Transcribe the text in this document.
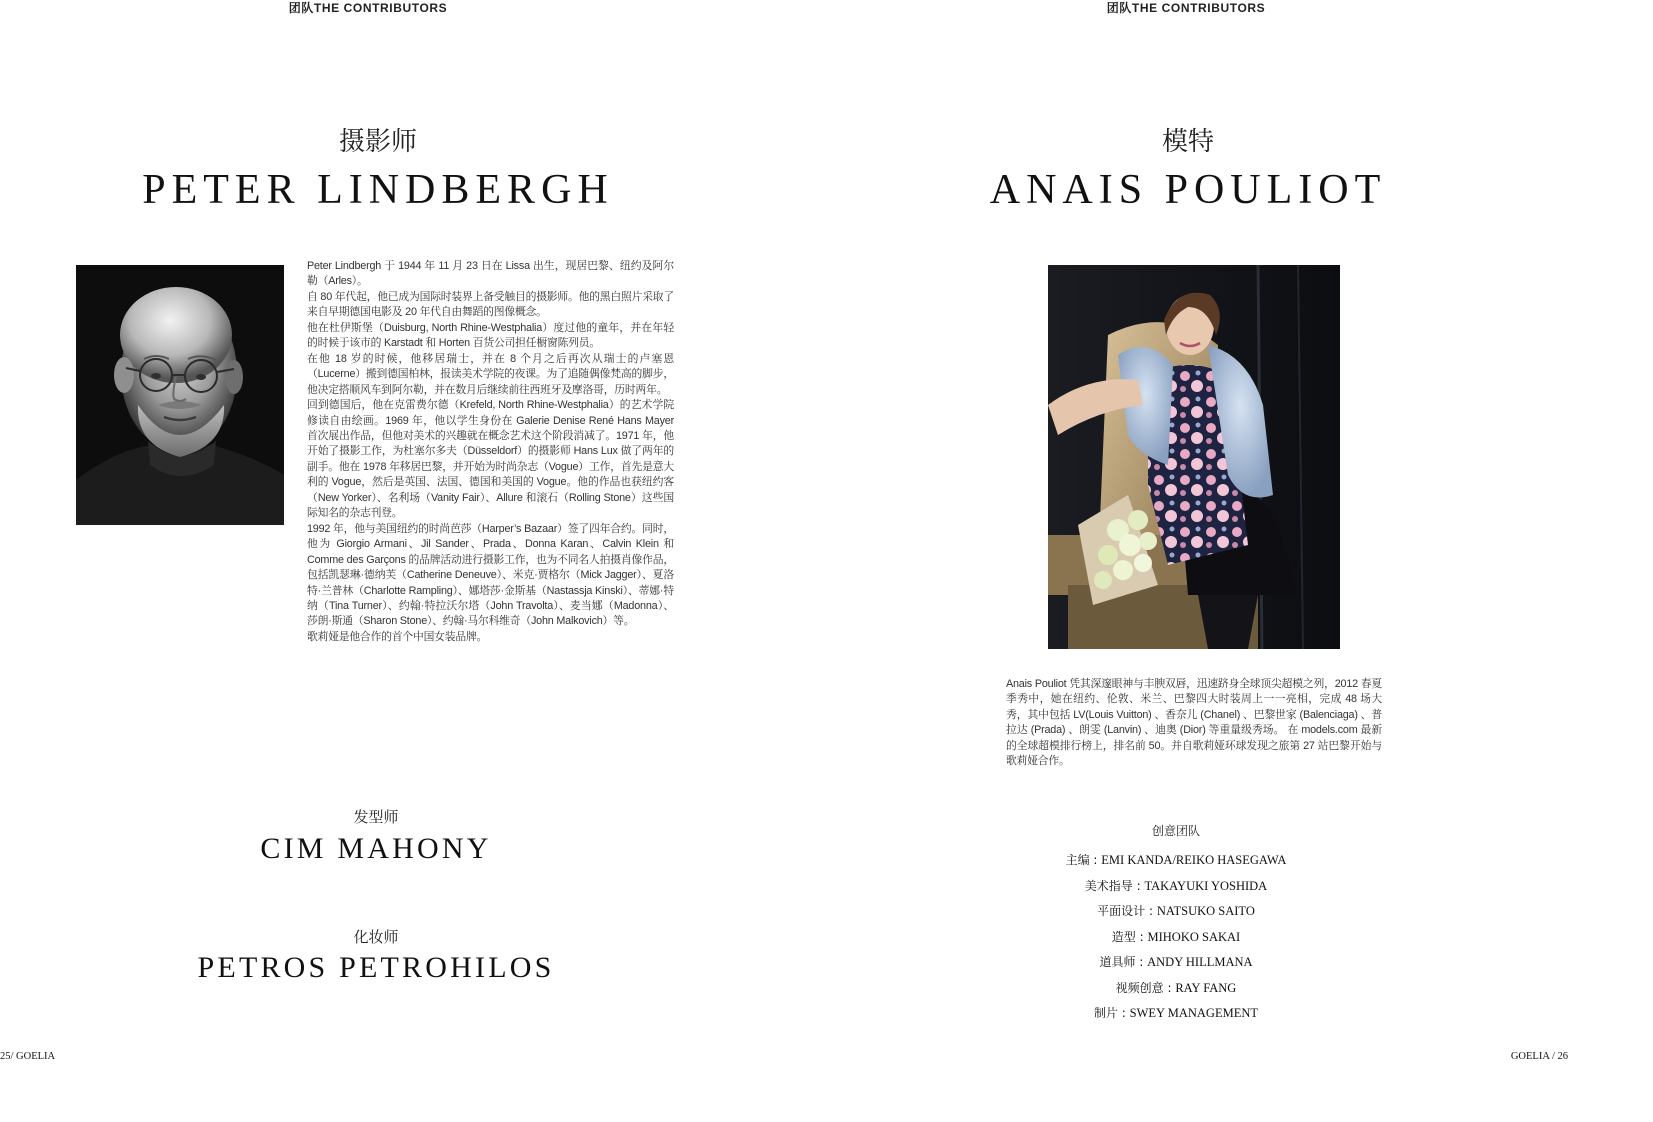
团队THE CONTRIBUTORS
摄影师
PETER LINDBERGH

Peter Lindbergh 于 1944 年 11 月 23 日在 Lissa 出生，现居巴黎、纽约及阿尔勒（Arles）。

自 80 年代起，他已成为国际时装界上备受触目的摄影师。他的黑白照片采取了来自早期德国电影及 20 年代自由舞蹈的图像概念。

他在杜伊斯堡（Duisburg, North Rhine-Westphalia）度过他的童年，并在年轻的时候于该市的 Karstadt 和 Horten 百货公司担任橱窗陈列员。

在他 18 岁的时候，他移居瑞士，并在 8 个月之后再次从瑞士的卢塞恩（Lucerne）搬到德国柏林，报读美术学院的夜课。为了追随偶像梵高的脚步，他决定搭顺风车到阿尔勒，并在数月后继续前往西班牙及摩洛哥，历时两年。

回到德国后，他在克雷费尔德（Krefeld, North Rhine-Westphalia）的艺术学院修读自由绘画。1969 年，他以学生身份在 Galerie Denise René Hans Mayer 首次展出作品，但他对美术的兴趣就在概念艺术这个阶段消减了。1971 年，他开始了摄影工作，为杜塞尔多夫（Düsseldorf）的摄影师 Hans Lux 做了两年的副手。他在 1978 年移居巴黎，并开始为时尚杂志（Vogue）工作，首先是意大利的 Vogue，然后是英国、法国、德国和美国的 Vogue。他的作品也获纽约客（New Yorker）、名利场（Vanity Fair）、Allure 和滚石（Rolling Stone）这些国际知名的杂志刊登。

1992 年，他与美国纽约的时尚芭莎（Harper’s Bazaar）签了四年合约。同时，他为 Giorgio Armani、Jil Sander、Prada、Donna Karan、Calvin Klein 和 Comme des Garçons 的品牌活动进行摄影工作，也为不同名人拍摄肖像作品，包括凯瑟琳·德纳芙（Catherine Deneuve）、米克·贾格尔（Mick Jagger）、夏洛特·兰普林（Charlotte Rampling）、娜塔莎·金斯基（Nastassja Kinski）、蒂娜·特纳（Tina Turner）、约翰·特拉沃尔塔（John Travolta）、麦当娜（Madonna）、莎朗·斯通（Sharon Stone）、约翰·马尔科维奇（John Malkovich）等。

歌莉娅是他合作的首个中国女装品牌。

发型师
CIM MAHONY
化妆师
PETROS PETROHILOS
25/ GOELIA
团队THE CONTRIBUTORS
模特
ANAIS POULIOT
Anais Pouliot 凭其深邃眼神与丰腴双唇，迅速跻身全球顶尖超模之列，2012 春夏季秀中，她在纽约、伦敦、米兰、巴黎四大时装周上一一亮相，完成 48 场大秀，其中包括 LV(Louis Vuitton) 、香奈儿 (Chanel) 、巴黎世家 (Balenciaga) 、普拉达 (Prada) 、朗雯 (Lanvin) 、迪奥 (Dior) 等重量级秀场。 在 models.com 最新的全球超模排行榜上，排名前 50。并自歌莉娅环球发现之旅第 27 站巴黎开始与歌莉娅合作。
创意团队
主编 : EMI KANDA/REIKO HASEGAWA
美术指导 : TAKAYUKI YOSHIDA
平面设计 : NATSUKO SAITO
造型 : MIHOKO SAKAI
道具师 : ANDY HILLMANA
视频创意 : RAY FANG
制片 : SWEY MANAGEMENT
GOELIA / 26
